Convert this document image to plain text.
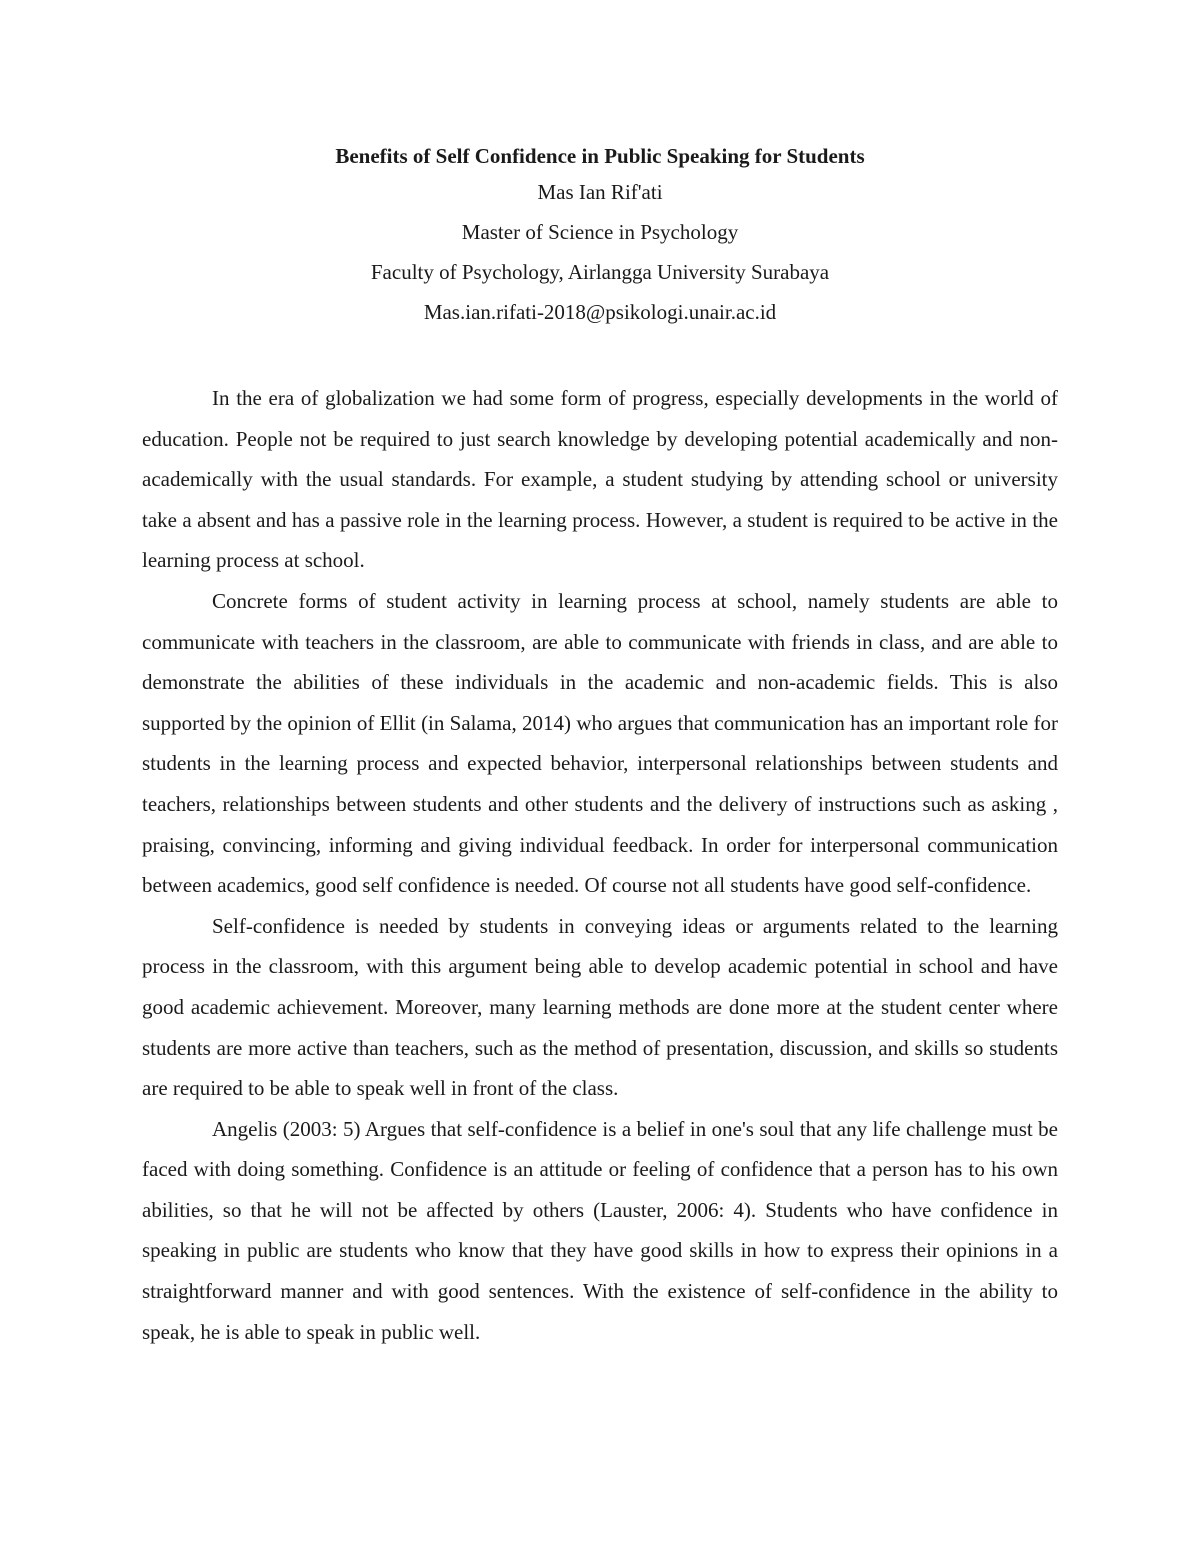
Benefits of Self Confidence in Public Speaking for Students

Mas Ian Rif'ati

Master of Science in Psychology

Faculty of Psychology, Airlangga University Surabaya

Mas.ian.rifati-2018@psikologi.unair.ac.id

In the era of globalization we had some form of progress, especially developments in the world of education. People not be required to just search knowledge by developing potential academically and non-academically with the usual standards. For example, a student studying by attending school or university take a absent and has a passive role in the learning process. However, a student is required to be active in the learning process at school.

Concrete forms of student activity in learning process at school, namely students are able to communicate with teachers in the classroom, are able to communicate with friends in class, and are able to demonstrate the abilities of these individuals in the academic and non-academic fields. This is also supported by the opinion of Ellit (in Salama, 2014) who argues that communication has an important role for students in the learning process and expected behavior, interpersonal relationships between students and teachers, relationships between students and other students and the delivery of instructions such as asking , praising, convincing, informing and giving individual feedback. In order for interpersonal communication between academics, good self confidence is needed. Of course not all students have good self-confidence.

Self-confidence is needed by students in conveying ideas or arguments related to the learning process in the classroom, with this argument being able to develop academic potential in school and have good academic achievement. Moreover, many learning methods are done more at the student center where students are more active than teachers, such as the method of presentation, discussion, and skills so students are required to be able to speak well in front of the class.

Angelis (2003: 5) Argues that self-confidence is a belief in one's soul that any life challenge must be faced with doing something. Confidence is an attitude or feeling of confidence that a person has to his own abilities, so that he will not be affected by others (Lauster, 2006: 4). Students who have confidence in speaking in public are students who know that they have good skills in how to express their opinions in a straightforward manner and with good sentences. With the existence of self-confidence in the ability to speak, he is able to speak in public well.
